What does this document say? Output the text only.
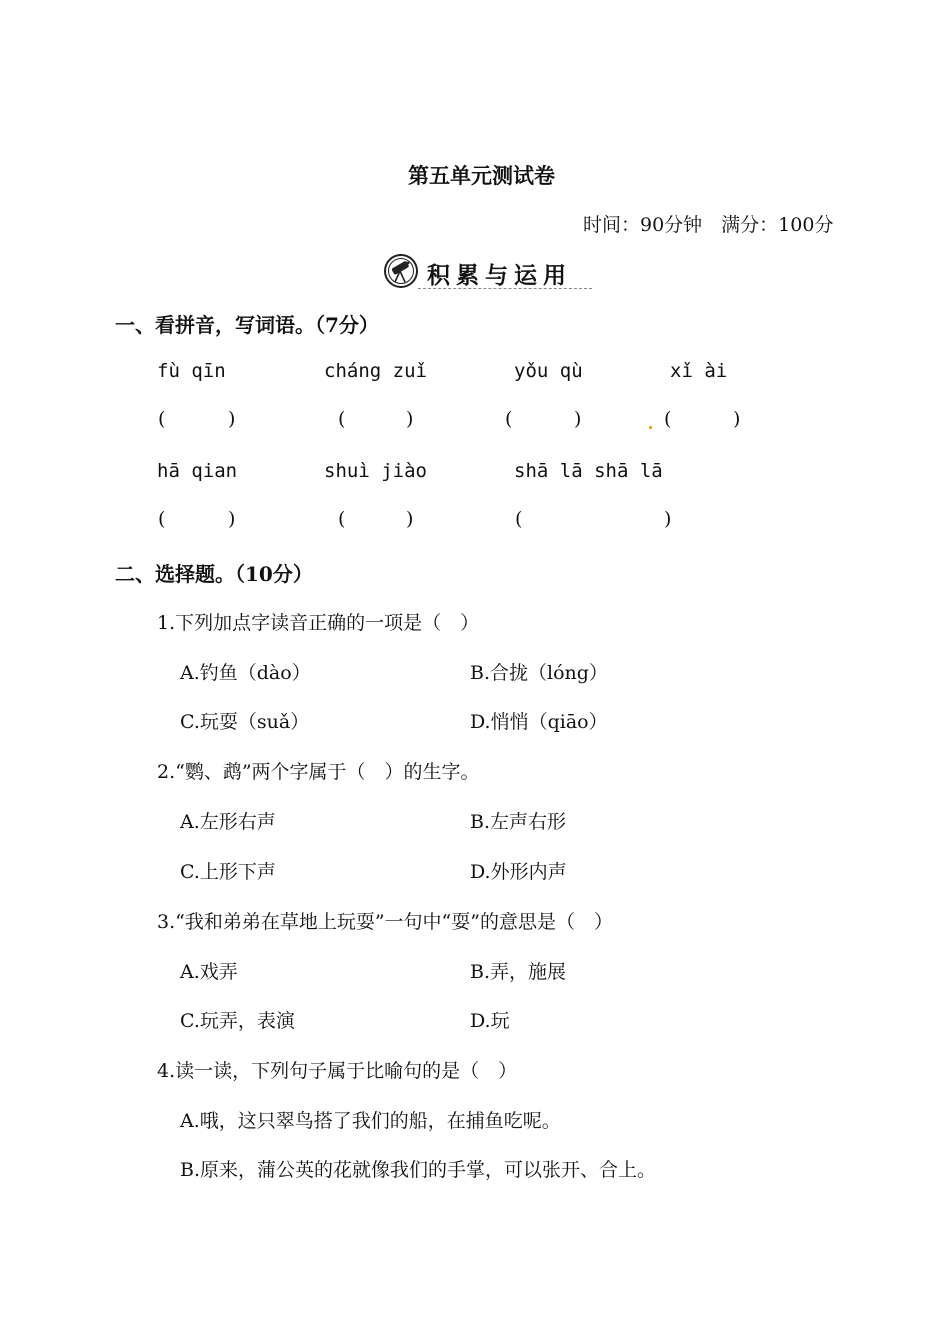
第五单元测试卷
时间：90分钟　满分：100分
积累与运用
一、看拼音，写词语。（7分）
fù qīn	cháng zuǐ	yǒu qù	xǐ ài
(	)	(	)	(	)	(	)
hā qian	shuì jiào	shā lā shā lā
(	)	(	)	(	)
二、选择题。（10分）
1.下列加点字读音正确的一项是（　）
A.钓鱼（dào）	B.合拢（lóng）
C.玩耍（suǎ）	D.悄悄（qiāo）
2.“鹦、鹉”两个字属于（　）的生字。
A.左形右声	B.左声右形
C.上形下声	D.外形内声
3.“我和弟弟在草地上玩耍”一句中“耍”的意思是（　）
A.戏弄	B.弄，施展
C.玩弄，表演	D.玩
4.读一读，下列句子属于比喻句的是（　）
A.哦，这只翠鸟搭了我们的船，在捕鱼吃呢。
B.原来，蒲公英的花就像我们的手掌，可以张开、合上。
